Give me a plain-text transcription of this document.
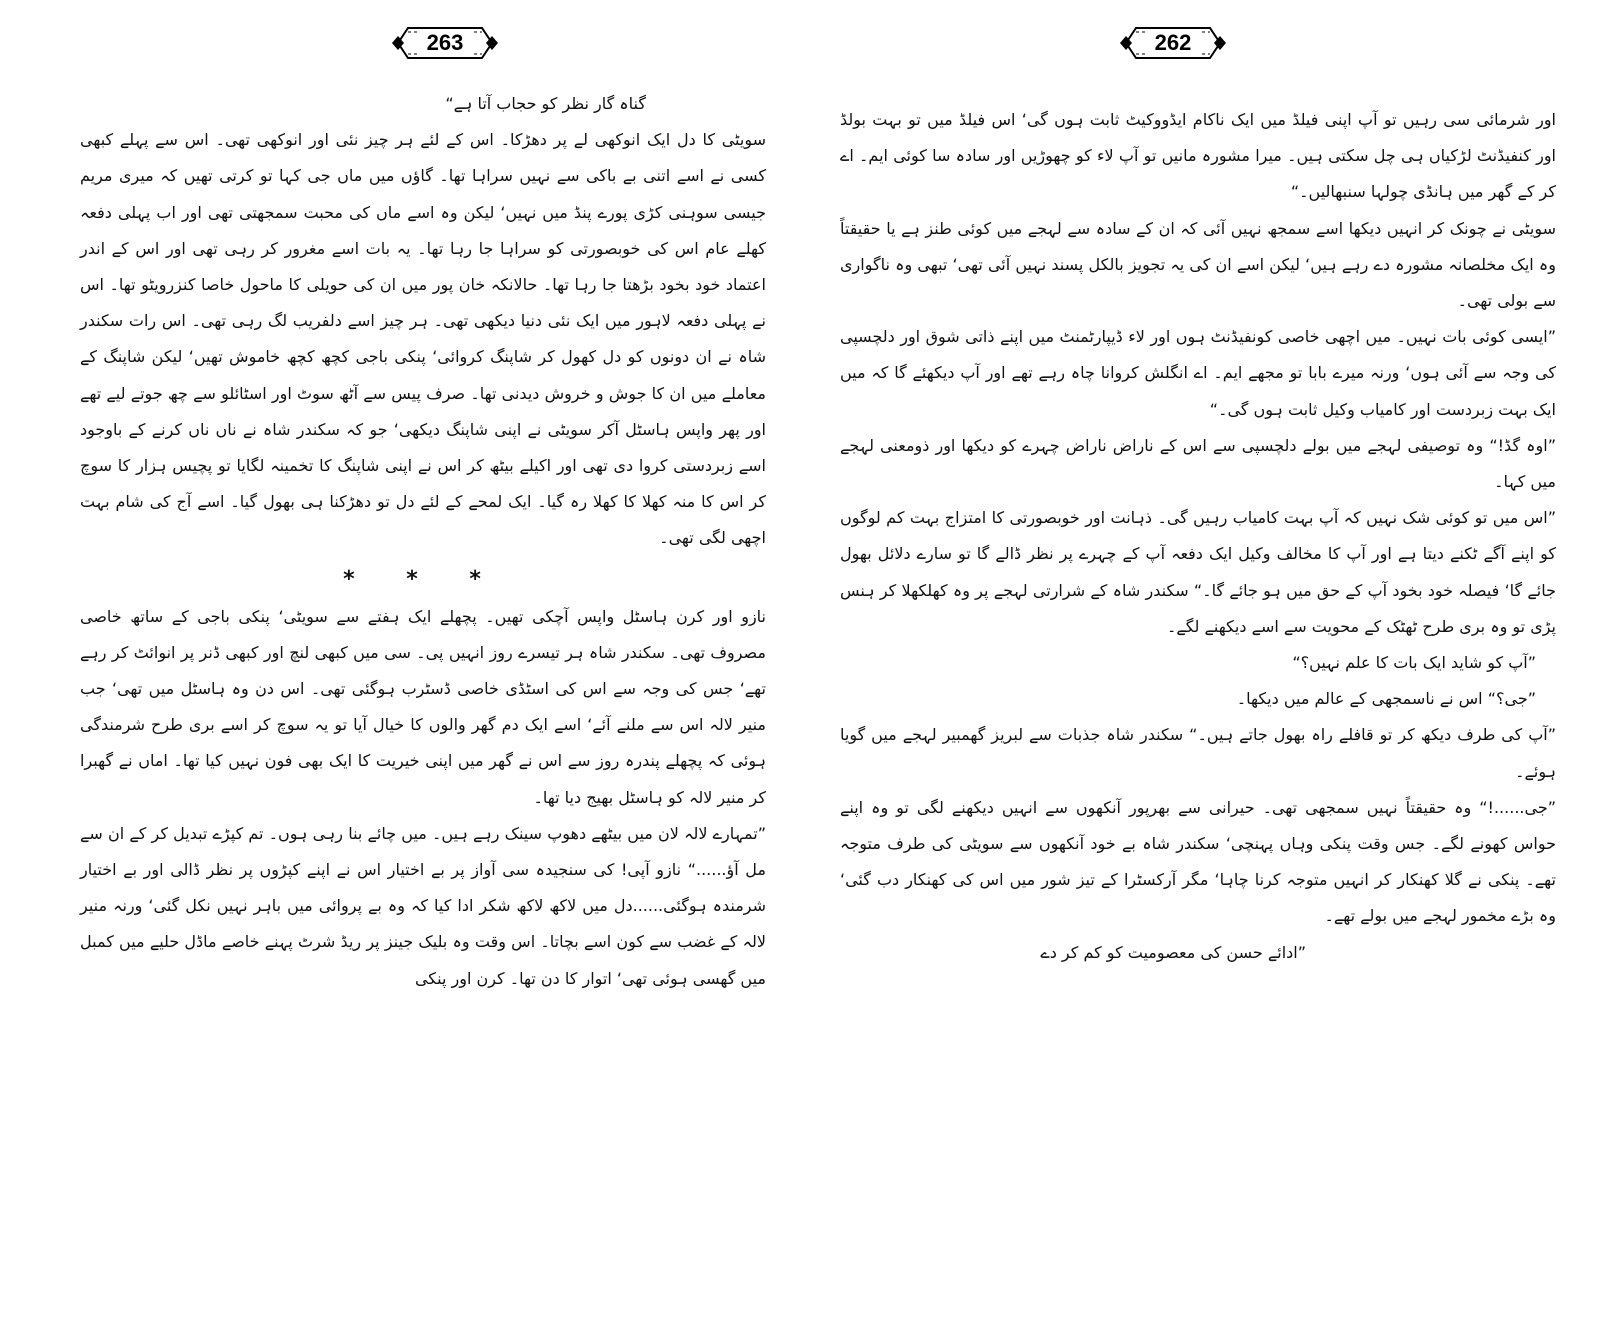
263

گناہ گار نظر کو حجاب آتا ہے“

سویٹی کا دل ایک انوکھی لے پر دھڑکا۔ اس کے لئے ہر چیز نئی اور انوکھی تھی۔ اس سے پہلے کبھی کسی نے اسے اتنی بے باکی سے نہیں سراہا تھا۔ گاؤں میں ماں جی کہا تو کرتی تھیں کہ میری مریم جیسی سوہنی کڑی پورے پنڈ میں نہیں‘ لیکن وہ اسے ماں کی محبت سمجھتی تھی اور اب پہلی دفعہ کھلے عام اس کی خوبصورتی کو سراہا جا رہا تھا۔ یہ بات اسے مغرور کر رہی تھی اور اس کے اندر اعتماد خود بخود بڑھتا جا رہا تھا۔ حالانکہ خان پور میں ان کی حویلی کا ماحول خاصا کنزرویٹو تھا۔ اس نے پہلی دفعہ لاہور میں ایک نئی دنیا دیکھی تھی۔ ہر چیز اسے دلفریب لگ رہی تھی۔ اس رات سکندر شاہ نے ان دونوں کو دل کھول کر شاپنگ کروائی‘ پنکی باجی کچھ کچھ خاموش تھیں‘ لیکن شاپنگ کے معاملے میں ان کا جوش و خروش دیدنی تھا۔ صرف پیس سے آٹھ سوٹ اور اسٹائلو سے چھ جوتے لیے تھے اور پھر واپس ہاسٹل آکر سویٹی نے اپنی شاپنگ دیکھی‘ جو کہ سکندر شاہ نے ناں ناں کرنے کے باوجود اسے زبردستی کروا دی تھی اور اکیلے بیٹھ کر اس نے اپنی شاپنگ کا تخمینہ لگایا تو پچیس ہزار کا سوچ کر اس کا منہ کھلا کا کھلا رہ گیا۔ ایک لمحے کے لئے دل تو دھڑکنا ہی بھول گیا۔ اسے آج کی شام بہت اچھی لگی تھی۔

* * *

نازو اور کرن ہاسٹل واپس آچکی تھیں۔ پچھلے ایک ہفتے سے سویٹی‘ پنکی باجی کے ساتھ خاصی مصروف تھی۔ سکندر شاہ ہر تیسرے روز انہیں پی۔ سی میں کبھی لنچ اور کبھی ڈنر پر انوائٹ کر رہے تھے‘ جس کی وجہ سے اس کی اسٹڈی خاصی ڈسٹرب ہوگئی تھی۔ اس دن وہ ہاسٹل میں تھی‘ جب منیر لالہ اس سے ملنے آئے‘ اسے ایک دم گھر والوں کا خیال آیا تو یہ سوچ کر اسے بری طرح شرمندگی ہوئی کہ پچھلے پندرہ روز سے اس نے گھر میں اپنی خیریت کا ایک بھی فون نہیں کیا تھا۔ اماں نے گھبرا کر منیر لالہ کو ہاسٹل بھیج دیا تھا۔

”تمہارے لالہ لان میں بیٹھے دھوپ سینک رہے ہیں۔ میں چائے بنا رہی ہوں۔ تم کپڑے تبدیل کر کے ان سے مل آؤ......“ نازو آپی! کی سنجیدہ سی آواز پر بے اختیار اس نے اپنے کپڑوں پر نظر ڈالی اور بے اختیار شرمندہ ہوگئی......دل میں لاکھ لاکھ شکر ادا کیا کہ وہ بے پروائی میں باہر نہیں نکل گئی‘ ورنہ منیر لالہ کے غضب سے کون اسے بچاتا۔ اس وقت وہ بلیک جینز پر ریڈ شرٹ پہنے خاصے ماڈل حلیے میں کمبل میں گھسی ہوئی تھی‘ اتوار کا دن تھا۔ کرن اور پنکی

262

اور شرمائی سی رہیں تو آپ اپنی فیلڈ میں ایک ناکام ایڈووکیٹ ثابت ہوں گی‘ اس فیلڈ میں تو بہت بولڈ اور کنفیڈنٹ لڑکیاں ہی چل سکتی ہیں۔ میرا مشورہ مانیں تو آپ لاء کو چھوڑیں اور سادہ سا کوئی ایم۔ اے کر کے گھر میں ہانڈی چولہا سنبھالیں۔“

سویٹی نے چونک کر انہیں دیکھا اسے سمجھ نہیں آئی کہ ان کے سادہ سے لہجے میں کوئی طنز ہے یا حقیقتاً وہ ایک مخلصانہ مشورہ دے رہے ہیں‘ لیکن اسے ان کی یہ تجویز بالکل پسند نہیں آئی تھی‘ تبھی وہ ناگواری سے بولی تھی۔

”ایسی کوئی بات نہیں۔ میں اچھی خاصی کونفیڈنٹ ہوں اور لاء ڈیپارٹمنٹ میں اپنے ذاتی شوق اور دلچسپی کی وجہ سے آئی ہوں‘ ورنہ میرے بابا تو مجھے ایم۔ اے انگلش کروانا چاہ رہے تھے اور آپ دیکھئے گا کہ میں ایک بہت زبردست اور کامیاب وکیل ثابت ہوں گی۔“

”اوہ گڈ!“ وہ توصیفی لہجے میں بولے دلچسپی سے اس کے ناراض ناراض چہرے کو دیکھا اور ذومعنی لہجے میں کہا۔

”اس میں تو کوئی شک نہیں کہ آپ بہت کامیاب رہیں گی۔ ذہانت اور خوبصورتی کا امتزاج بہت کم لوگوں کو اپنے آگے ٹکنے دیتا ہے اور آپ کا مخالف وکیل ایک دفعہ آپ کے چہرے پر نظر ڈالے گا تو سارے دلائل بھول جائے گا‘ فیصلہ خود بخود آپ کے حق میں ہو جائے گا۔“ سکندر شاہ کے شرارتی لہجے پر وہ کھلکھلا کر ہنس پڑی تو وہ بری طرح ٹھٹک کے محویت سے اسے دیکھنے لگے۔

”آپ کو شاید ایک بات کا علم نہیں؟“

”جی؟“ اس نے ناسمجھی کے عالم میں دیکھا۔

”آپ کی طرف دیکھ کر تو قافلے راہ بھول جاتے ہیں۔“ سکندر شاہ جذبات سے لبریز گھمبیر لہجے میں گویا ہوئے۔

”جی......!“ وہ حقیقتاً نہیں سمجھی تھی۔ حیرانی سے بھرپور آنکھوں سے انہیں دیکھنے لگی تو وہ اپنے حواس کھونے لگے۔ جس وقت پنکی وہاں پہنچی‘ سکندر شاہ بے خود آنکھوں سے سویٹی کی طرف متوجہ تھے۔ پنکی نے گلا کھنکار کر انہیں متوجہ کرنا چاہا‘ مگر آرکسٹرا کے تیز شور میں اس کی کھنکار دب گئی‘ وہ بڑے مخمور لہجے میں بولے تھے۔

”ادائے حسن کی معصومیت کو کم کر دے
